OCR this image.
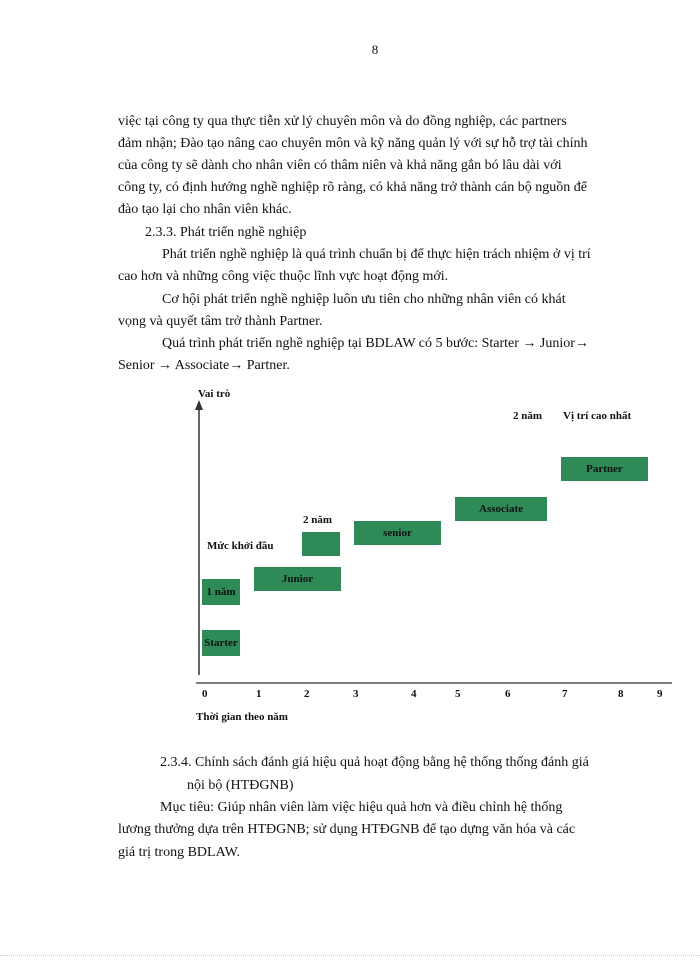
8
việc tại công ty qua thực tiễn xử lý chuyên môn và do đồng nghiệp, các partners
đảm nhận; Đào tạo nâng cao chuyên môn và kỹ năng quản lý với sự hỗ trợ tài chính
của công ty sẽ dành cho nhân viên có thâm niên và khả năng gắn bó lâu dài với
công ty, có định hướng nghề nghiệp rõ ràng, có khả năng trở thành cán bộ nguồn để
đào tạo lại cho nhân viên khác.
2.3.3. Phát triển nghề nghiệp
Phát triển nghề nghiệp là quá trình chuẩn bị để thực hiện trách nhiệm ở vị trí
cao hơn và những công việc thuộc lĩnh vực hoạt động mới.
Cơ hội phát triển nghề nghiệp luôn ưu tiên cho những nhân viên có khát
vọng và quyết tâm trở thành Partner.
Quá trình phát triển nghề nghiệp tại BDLAW có 5 bước: Starter → Junior→
Senior → Associate→ Partner.
Vai trò
Thời gian theo năm
0	1	2	3	4	5	6	7	8	9
Starter
1 năm
Junior
senior
Associate
Partner
Mức khởi đầu
2 năm
2 năm Vị trí cao nhất
2.3.4. Chính sách đánh giá hiệu quả hoạt động bằng hệ thống thống đánh giá
nội bộ (HTĐGNB)
Mục tiêu: Giúp nhân viên làm việc hiệu quả hơn và điều chỉnh hệ thống
lương thưởng dựa trên HTĐGNB; sử dụng HTĐGNB để tạo dựng văn hóa và các
giá trị trong BDLAW.
